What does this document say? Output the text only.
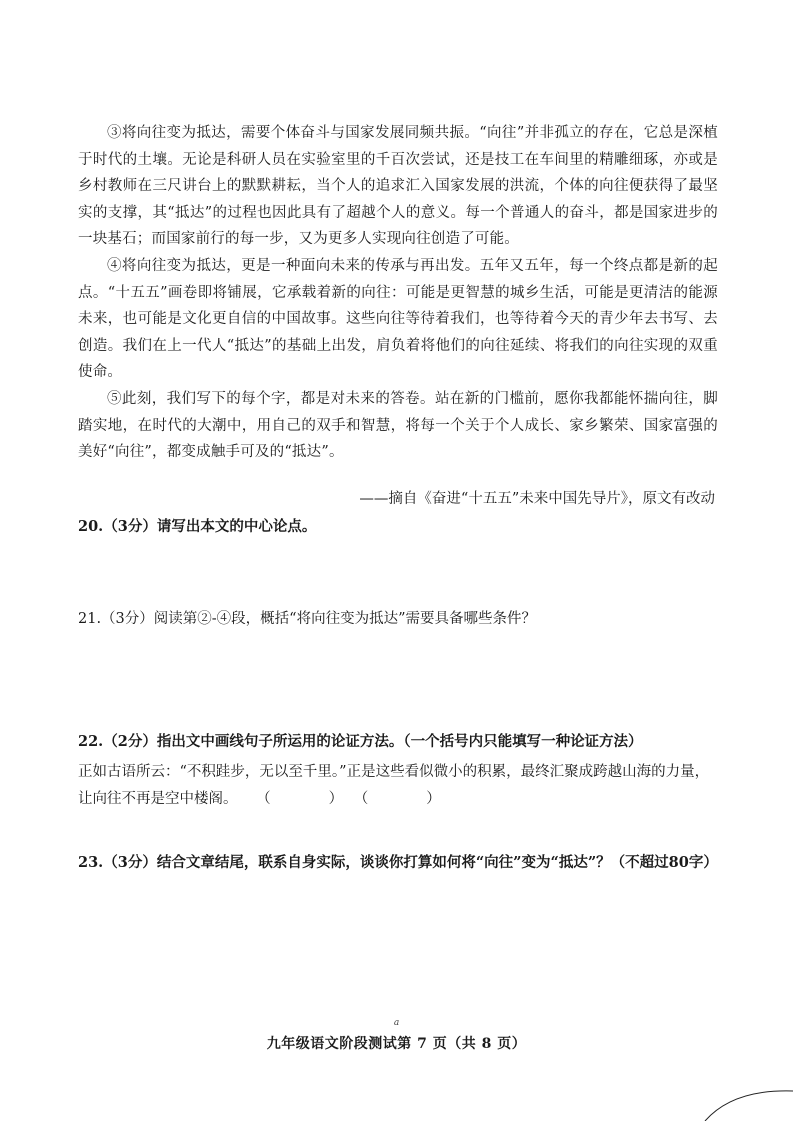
③将向往变为抵达，需要个体奋斗与国家发展同频共振。“向往”并非孤立的存在，它总是深植于时代的土壤。无论是科研人员在实验室里的千百次尝试，还是技工在车间里的精雕细琢，亦或是乡村教师在三尺讲台上的默默耕耘，当个人的追求汇入国家发展的洪流，个体的向往便获得了最坚实的支撑，其“抵达”的过程也因此具有了超越个人的意义。每一个普通人的奋斗，都是国家进步的一块基石；而国家前行的每一步，又为更多人实现向往创造了可能。

④将向往变为抵达，更是一种面向未来的传承与再出发。五年又五年，每一个终点都是新的起点。“十五五”画卷即将铺展，它承载着新的向往：可能是更智慧的城乡生活，可能是更清洁的能源未来，也可能是文化更自信的中国故事。这些向往等待着我们，也等待着今天的青少年去书写、去创造。我们在上一代人“抵达”的基础上出发，肩负着将他们的向往延续、将我们的向往实现的双重使命。

⑤此刻，我们写下的每个字，都是对未来的答卷。站在新的门槛前，愿你我都能怀揣向往，脚踏实地，在时代的大潮中，用自己的双手和智慧，将每一个关于个人成长、家乡繁荣、国家富强的美好“向往”，都变成触手可及的“抵达”。

——摘自《奋进“十五五”未来中国先导片》，原文有改动
20.（3分）请写出本文的中心论点。
21.（3分）阅读第②-④段，概括“将向往变为抵达”需要具备哪些条件？
22.（2分）指出文中画线句子所运用的论证方法。（一个括号内只能填写一种论证方法）
正如古语所云：“不积跬步，无以至千里。”正是这些看似微小的积累，最终汇聚成跨越山海的力量，
让向往不再是空中楼阁。 （　　　　） （　　　　）
23.（3分）结合文章结尾，联系自身实际，谈谈你打算如何将“向往”变为“抵达”？（不超过80字）
a
九年级语文阶段测试第 7 页（共 8 页）
